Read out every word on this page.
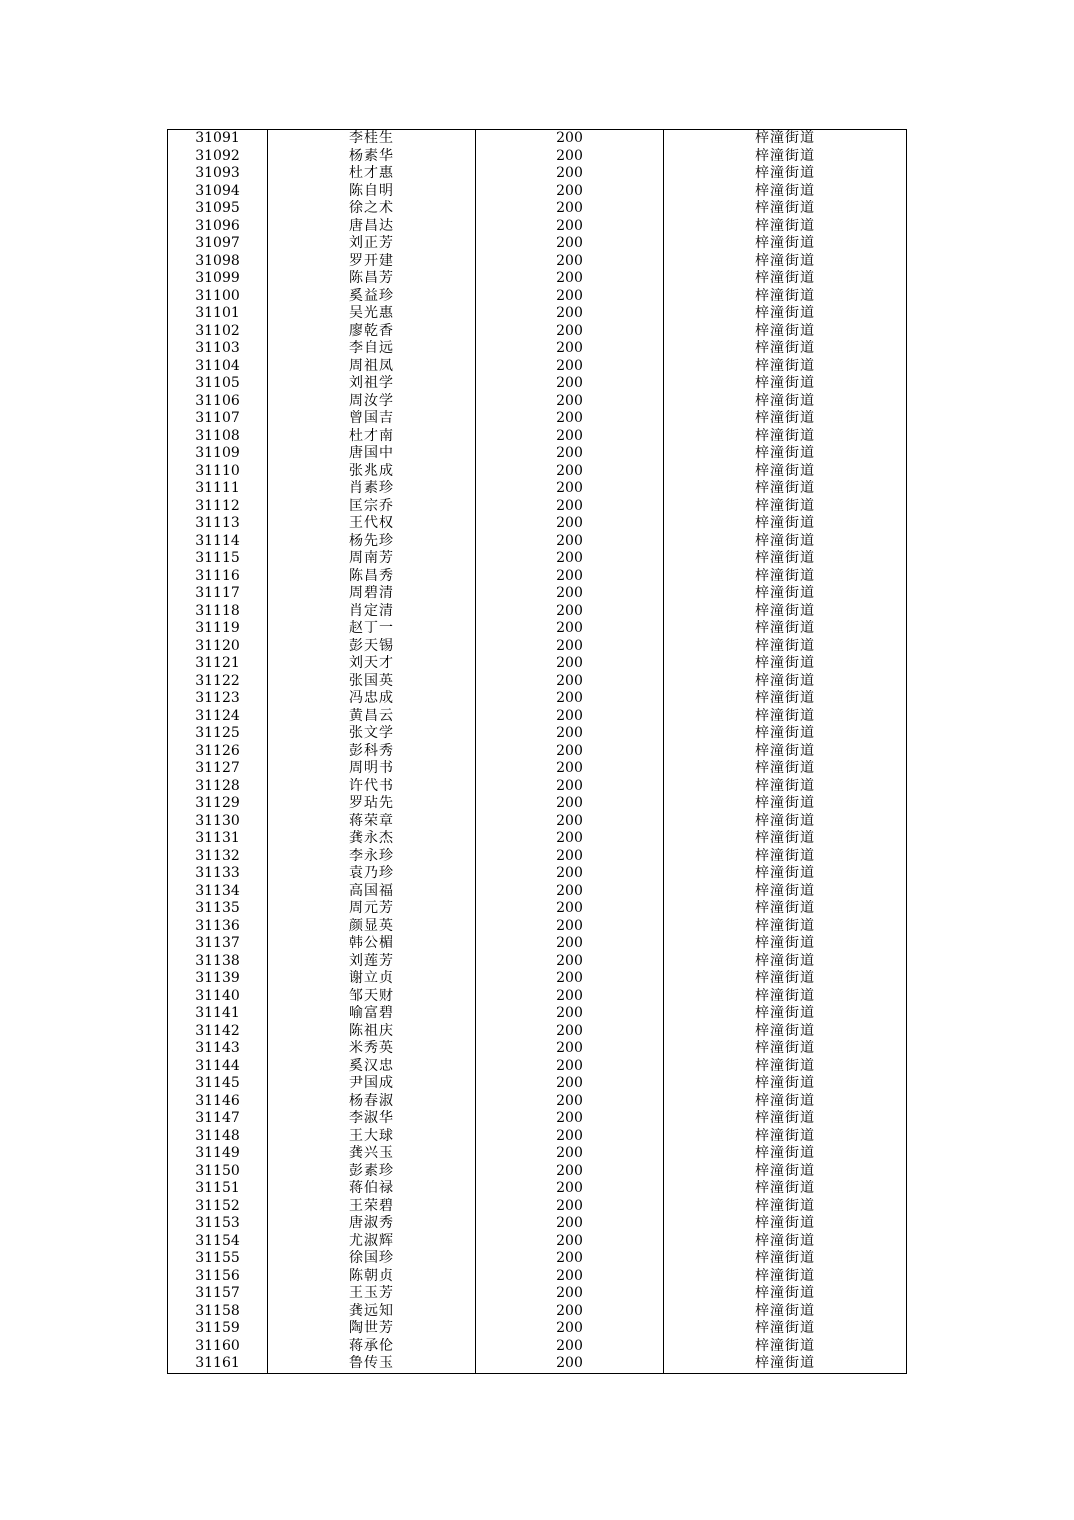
31091	李桂生	200	梓潼街道
31092	杨素华	200	梓潼街道
31093	杜才惠	200	梓潼街道
31094	陈自明	200	梓潼街道
31095	徐之术	200	梓潼街道
31096	唐昌达	200	梓潼街道
31097	刘正芳	200	梓潼街道
31098	罗开建	200	梓潼街道
31099	陈昌芳	200	梓潼街道
31100	奚益珍	200	梓潼街道
31101	吴光惠	200	梓潼街道
31102	廖乾香	200	梓潼街道
31103	李自远	200	梓潼街道
31104	周祖凤	200	梓潼街道
31105	刘祖学	200	梓潼街道
31106	周汝学	200	梓潼街道
31107	曾国吉	200	梓潼街道
31108	杜才南	200	梓潼街道
31109	唐国中	200	梓潼街道
31110	张兆成	200	梓潼街道
31111	肖素珍	200	梓潼街道
31112	匡宗乔	200	梓潼街道
31113	王代权	200	梓潼街道
31114	杨先珍	200	梓潼街道
31115	周南芳	200	梓潼街道
31116	陈昌秀	200	梓潼街道
31117	周碧清	200	梓潼街道
31118	肖定清	200	梓潼街道
31119	赵丁一	200	梓潼街道
31120	彭天锡	200	梓潼街道
31121	刘天才	200	梓潼街道
31122	张国英	200	梓潼街道
31123	冯忠成	200	梓潼街道
31124	黄昌云	200	梓潼街道
31125	张文学	200	梓潼街道
31126	彭科秀	200	梓潼街道
31127	周明书	200	梓潼街道
31128	许代书	200	梓潼街道
31129	罗玷先	200	梓潼街道
31130	蒋荣章	200	梓潼街道
31131	龚永杰	200	梓潼街道
31132	李永珍	200	梓潼街道
31133	袁乃珍	200	梓潼街道
31134	高国福	200	梓潼街道
31135	周元芳	200	梓潼街道
31136	颜显英	200	梓潼街道
31137	韩公楣	200	梓潼街道
31138	刘莲芳	200	梓潼街道
31139	谢立贞	200	梓潼街道
31140	邹天财	200	梓潼街道
31141	喻富碧	200	梓潼街道
31142	陈祖庆	200	梓潼街道
31143	米秀英	200	梓潼街道
31144	奚汉忠	200	梓潼街道
31145	尹国成	200	梓潼街道
31146	杨春淑	200	梓潼街道
31147	李淑华	200	梓潼街道
31148	王大球	200	梓潼街道
31149	龚兴玉	200	梓潼街道
31150	彭素珍	200	梓潼街道
31151	蒋伯禄	200	梓潼街道
31152	王荣碧	200	梓潼街道
31153	唐淑秀	200	梓潼街道
31154	尤淑辉	200	梓潼街道
31155	徐国珍	200	梓潼街道
31156	陈朝贞	200	梓潼街道
31157	王玉芳	200	梓潼街道
31158	龚远知	200	梓潼街道
31159	陶世芳	200	梓潼街道
31160	蒋承伦	200	梓潼街道
31161	鲁传玉	200	梓潼街道
